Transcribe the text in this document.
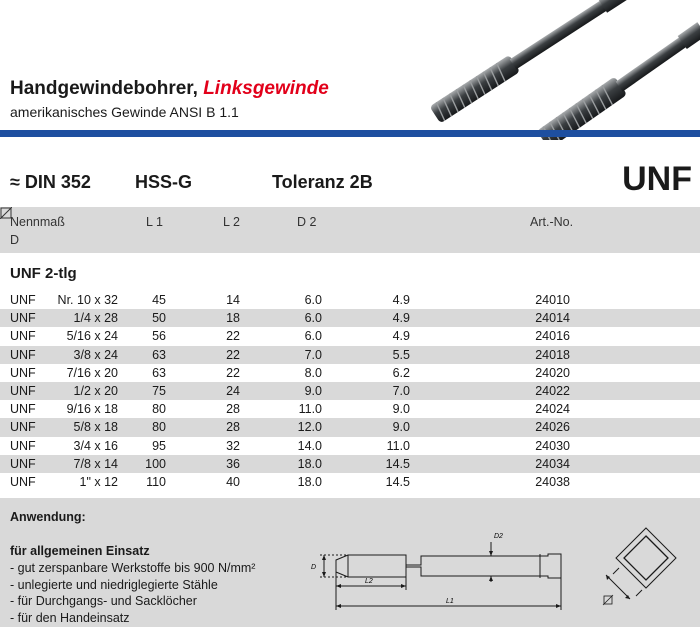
Handgewindebohrer, Linksgewinde
amerikanisches Gewinde ANSI B 1.1
≈ DIN 352 HSS-G	Toleranz 2B	UNF
Nennmaß
D
L 1	L 2	D 2	Art.-No.
UNF 2-tlg
UNF	Nr. 10 x 32	45	14	6.0	4.9	24010
UNF	1/4 x 28	50	18	6.0	4.9	24014
UNF	5/16 x 24	56	22	6.0	4.9	24016
UNF	3/8 x 24	63	22	7.0	5.5	24018
UNF	7/16 x 20	63	22	8.0	6.2	24020
UNF	1/2 x 20	75	24	9.0	7.0	24022
UNF	9/16 x 18	80	28	11.0	9.0	24024
UNF	5/8 x 18	80	28	12.0	9.0	24026
UNF	3/4 x 16	95	32	14.0	11.0	24030
UNF	7/8 x 14	100	36	18.0	14.5	24034
UNF	1" x 12	110	40	18.0	14.5	24038
Anwendung:
für allgemeinen Einsatz
- gut zerspanbare Werkstoffe bis 900 N/mm²
- unlegierte und niedriglegierte Stähle
- für Durchgangs- und Sacklöcher
- für den Handeinsatz
D2
D
L2
L1
